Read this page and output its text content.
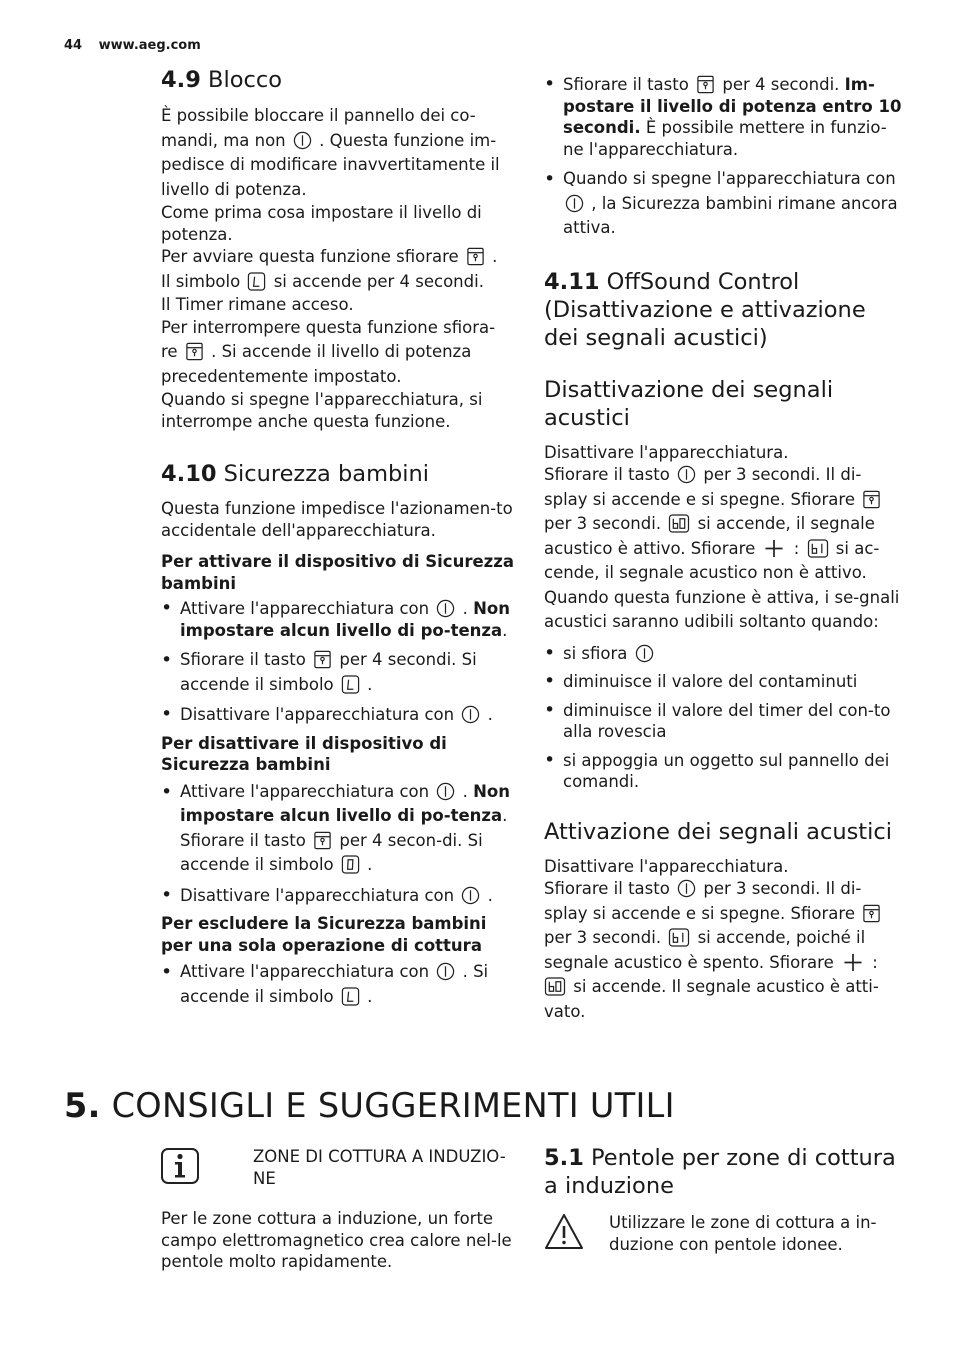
44 www.aeg.com
4.9 Blocco

È possibile bloccare il pannello dei co-
mandi, ma non . Questa funzione im-pedisce di modificare inavvertitamente il livello di potenza.

Come prima cosa impostare il livello di potenza.

Per avviare questa funzione sfiorare .

Il simbolo si accende per 4 secondi.

Il Timer rimane acceso.

Per interrompere questa funzione sfiora-
re . Si accende il livello di potenza precedentemente impostato.

Quando si spegne l'apparecchiatura, si interrompe anche questa funzione.

4.10 Sicurezza bambini

Questa funzione impedisce l'azionamen-to accidentale dell'apparecchiatura.

Per attivare il dispositivo di Sicurezza bambini

• Attivare l'apparecchiatura con . Non impostare alcun livello di po-tenza.
• Sfiorare il tasto per 4 secondi. Si accende il simbolo .
• Disattivare l'apparecchiatura con .

Per disattivare il dispositivo di Sicurezza bambini

• Attivare l'apparecchiatura con . Non impostare alcun livello di po-tenza. Sfiorare il tasto per 4 secon-di. Si accende il simbolo .
• Disattivare l'apparecchiatura con .

Per escludere la Sicurezza bambini per una sola operazione di cottura

• Attivare l'apparecchiatura con . Si accende il simbolo .
• Sfiorare il tasto per 4 secondi. Im-postare il livello di potenza entro 10 secondi. È possibile mettere in funzio-ne l'apparecchiatura.
• Quando si spegne l'apparecchiatura con  , la Sicurezza bambini rimane ancora attiva.
4.11 OffSound Control (Disattivazione e attivazione dei segnali acustici)
Disattivazione dei segnali acustici

Disattivare l'apparecchiatura.

Sfiorare il tasto per 3 secondi. Il di-
splay si accende e si spegne. Sfiorare
per 3 secondi. si accende, il segnale
acustico è attivo. Sfiorare : si ac-cende, il segnale acustico non è attivo. Quando questa funzione è attiva, i se-gnali acustici saranno udibili soltanto quando:

• si sfiora
• diminuisce il valore del contaminuti
• diminuisce il valore del timer del con-to alla rovescia
• si appoggia un oggetto sul pannello dei comandi.
Attivazione dei segnali acustici

Disattivare l'apparecchiatura.

Sfiorare il tasto per 3 secondi. Il di-
splay si accende e si spegne. Sfiorare
per 3 secondi. si accende, poiché il
segnale acustico è spento. Sfiorare :
si accende. Il segnale acustico è atti-vato.

5. CONSIGLI E SUGGERIMENTI UTILI

ZONE DI COTTURA A INDUZIO-NE

Per le zone cottura a induzione, un forte campo elettromagnetico crea calore nel-le pentole molto rapidamente.

5.1 Pentole per zone di cottura a induzione

Utilizzare le zone di cottura a in-duzione con pentole idonee.
